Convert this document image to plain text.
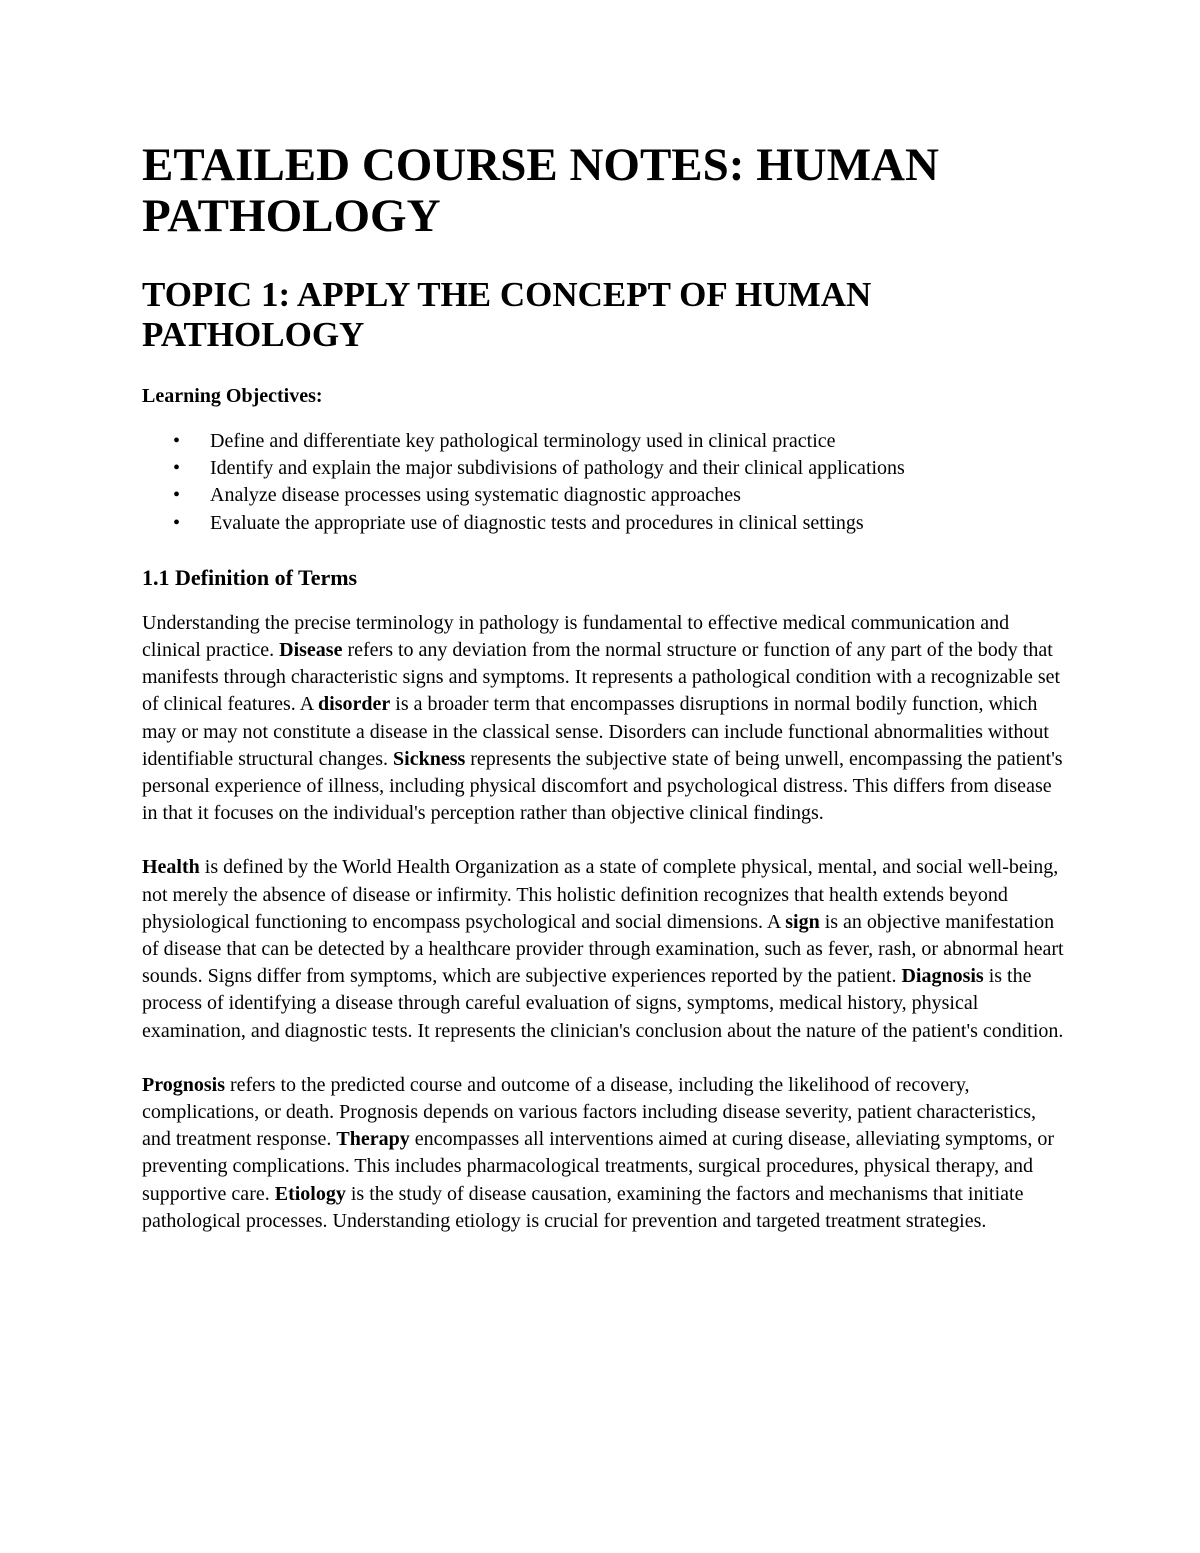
ETAILED COURSE NOTES: HUMAN PATHOLOGY
TOPIC 1: APPLY THE CONCEPT OF HUMAN PATHOLOGY
Learning Objectives:
• Define and differentiate key pathological terminology used in clinical practice
• Identify and explain the major subdivisions of pathology and their clinical applications
• Analyze disease processes using systematic diagnostic approaches
• Evaluate the appropriate use of diagnostic tests and procedures in clinical settings
1.1 Definition of Terms

Understanding the precise terminology in pathology is fundamental to effective medical communication and clinical practice. Disease refers to any deviation from the normal structure or function of any part of the body that manifests through characteristic signs and symptoms. It represents a pathological condition with a recognizable set of clinical features. A disorder is a broader term that encompasses disruptions in normal bodily function, which may or may not constitute a disease in the classical sense. Disorders can include functional abnormalities without identifiable structural changes. Sickness represents the subjective state of being unwell, encompassing the patient's personal experience of illness, including physical discomfort and psychological distress. This differs from disease in that it focuses on the individual's perception rather than objective clinical findings.

Health is defined by the World Health Organization as a state of complete physical, mental, and social well-being, not merely the absence of disease or infirmity. This holistic definition recognizes that health extends beyond physiological functioning to encompass psychological and social dimensions. A sign is an objective manifestation of disease that can be detected by a healthcare provider through examination, such as fever, rash, or abnormal heart sounds. Signs differ from symptoms, which are subjective experiences reported by the patient. Diagnosis is the process of identifying a disease through careful evaluation of signs, symptoms, medical history, physical examination, and diagnostic tests. It represents the clinician's conclusion about the nature of the patient's condition.

Prognosis refers to the predicted course and outcome of a disease, including the likelihood of recovery, complications, or death. Prognosis depends on various factors including disease severity, patient characteristics, and treatment response. Therapy encompasses all interventions aimed at curing disease, alleviating symptoms, or preventing complications. This includes pharmacological treatments, surgical procedures, physical therapy, and supportive care. Etiology is the study of disease causation, examining the factors and mechanisms that initiate pathological processes. Understanding etiology is crucial for prevention and targeted treatment strategies.
